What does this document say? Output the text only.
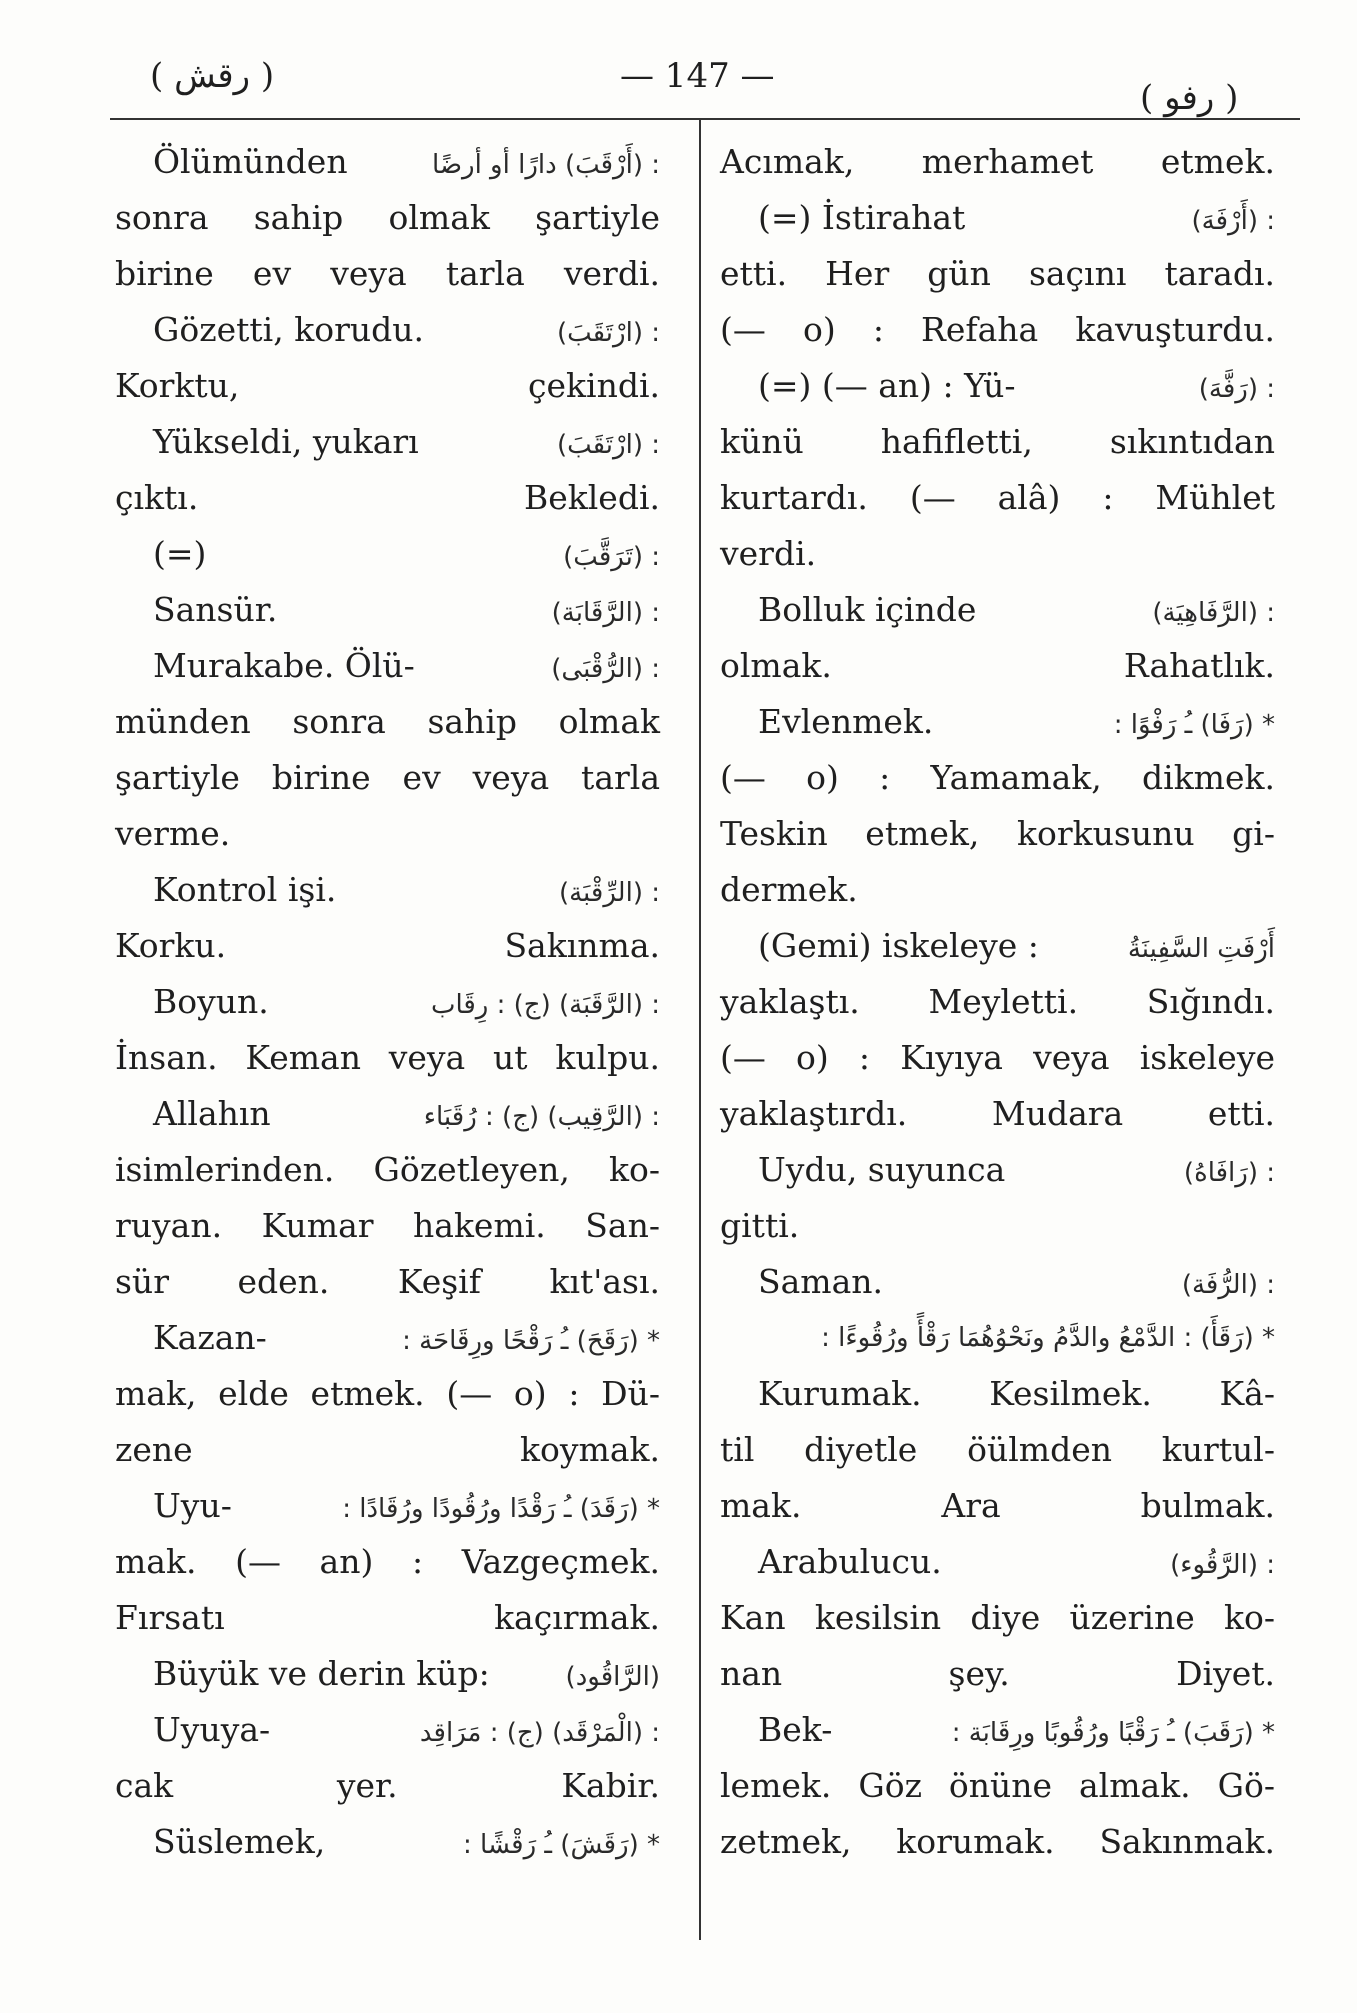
( رقش )	— 147 —
( رفو )
Ölümünden	: (أَرْقَبَ) دارًا أو أرضًا
sonra sahip olmak şartiyle
birine ev veya tarla verdi.
Gözetti, korudu.	: (ارْتَقَبَ)
Korktu, çekindi.
Yükseldi, yukarı	: (ارْتَقَبَ)
çıktı. Bekledi.
(=)	: (تَرَقَّبَ)
Sansür.	: (الرَّقَابَة)
Murakabe. Ölü-	: (الرُّقْبَى)
münden sonra sahip olmak
şartiyle birine ev veya tarla
verme.
Kontrol işi.	: (الرِّقْبَة)
Korku. Sakınma.
Boyun.	: (الرَّقَبَة) (ج) : رِقَاب
İnsan. Keman veya ut kulpu.
Allahın	: (الرَّقِيب) (ج) : رُقَبَاء
isimlerinden. Gözetleyen, ko-
ruyan. Kumar hakemi. San-
sür eden. Keşif kıt'ası.
Kazan-	* (رَقَحَ) ـُ رَقْحًا ورِقَاحَة :
mak, elde etmek. (— o) : Dü-
zene koymak.
Uyu-	* (رَقَدَ) ـُ رَقْدًا ورُقُودًا ورُقَادًا :
mak. (— an) : Vazgeçmek.
Fırsatı kaçırmak.
Büyük ve derin küp:	(الرَّاقُود)
Uyuya-	: (الْمَرْقَد) (ج) : مَرَاقِد
cak yer. Kabir.
Süslemek,	* (رَقَشَ) ـُ رَقْشًا :
Acımak, merhamet etmek.
(=) İstirahat	: (أَرْفَهَ)
etti. Her gün saçını taradı.
(— o) : Refaha kavuşturdu.
(=) (— an) : Yü-	: (رَفَّهَ)
künü hafifletti, sıkıntıdan
kurtardı. (— alâ) : Mühlet
verdi.
Bolluk içinde	: (الرَّفَاهِيَة)
olmak. Rahatlık.
Evlenmek.	* (رَفَا) ـُ رَفْوًا :
(— o) : Yamamak, dikmek.
Teskin etmek, korkusunu gi-
dermek.
(Gemi) iskeleye :	أَرْفَتِ السَّفِينَةُ
yaklaştı. Meyletti. Sığındı.
(— o) : Kıyıya veya iskeleye
yaklaştırdı. Mudara etti.
Uydu, suyunca	: (رَافَاهُ)
gitti.
Saman.	: (الرُّفَة)
* (رَقَأَ) : الدَّمْعُ والدَّمُ ونَحْوُهُمَا رَقْأً ورُقُوءًا :
Kurumak. Kesilmek. Kâ-
til diyetle öülmden kurtul-
mak. Ara bulmak.
Arabulucu.	: (الرَّقُوء)
Kan kesilsin diye üzerine ko-
nan şey. Diyet.
Bek-	* (رَقَبَ) ـُ رَقْبًا ورُقُوبًا ورِقَابَة :
lemek. Göz önüne almak. Gö-
zetmek, korumak. Sakınmak.
